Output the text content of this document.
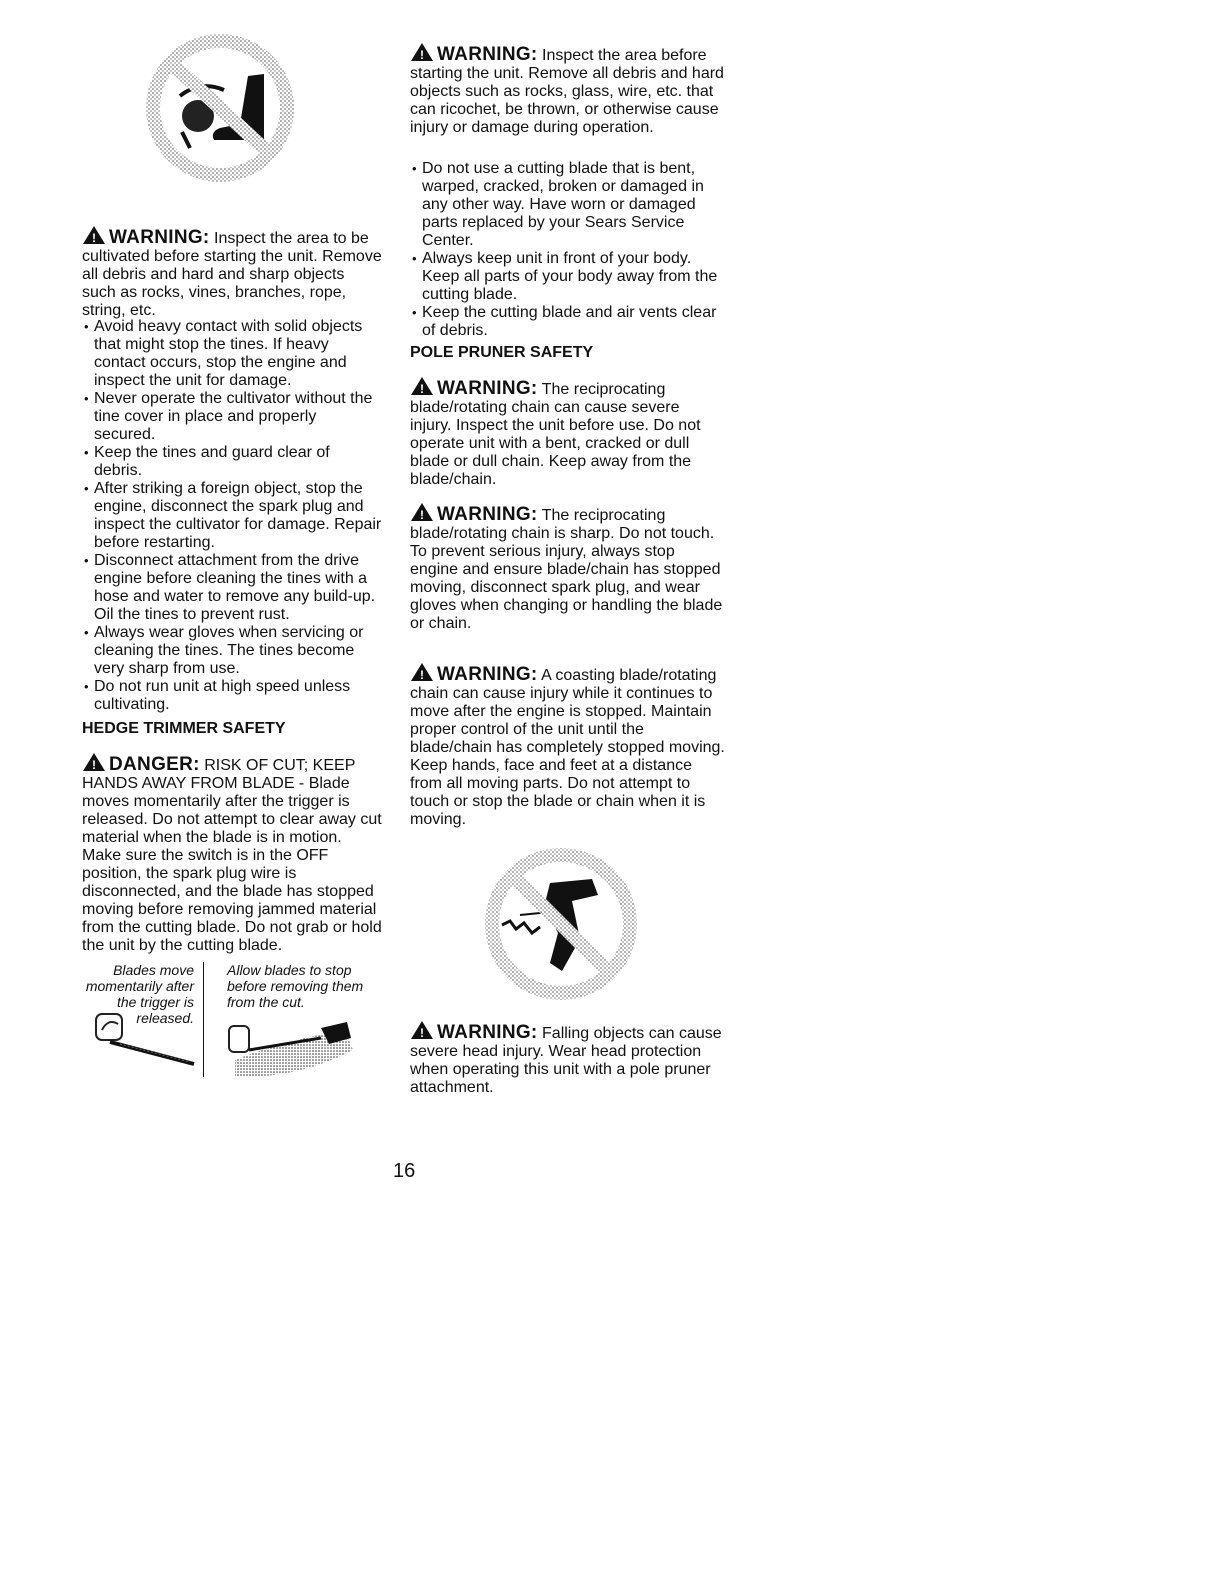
! WARNING: Inspect the area to be cultivated before starting the unit. Remove all debris and hard and sharp objects such as rocks, vines, branches, rope, string, etc.

• Avoid heavy contact with solid objects that might stop the tines. If heavy contact occurs, stop the engine and inspect the unit for damage.
• Never operate the cultivator without the tine cover in place and properly secured.
• Keep the tines and guard clear of debris.
• After striking a foreign object, stop the engine, disconnect the spark plug and inspect the cultivator for damage. Repair before restarting.
• Disconnect attachment from the drive engine before cleaning the tines with a hose and water to remove any build-up. Oil the tines to prevent rust.
• Always wear gloves when servicing or cleaning the tines. The tines become very sharp from use.
• Do not run unit at high speed unless cultivating.
HEDGE TRIMMER SAFETY

! DANGER: RISK OF CUT; KEEP HANDS AWAY FROM BLADE - Blade moves momentarily after the trigger is released. Do not attempt to clear away cut material when the blade is in motion. Make sure the switch is in the OFF position, the spark plug wire is disconnected, and the blade has stopped moving before removing jammed material from the cutting blade. Do not grab or hold the unit by the cutting blade.

Blades move momentarily after the trigger is released.
Allow blades to stop before removing them from the cut.

! WARNING: Inspect the area before starting the unit. Remove all debris and hard objects such as rocks, glass, wire, etc. that can ricochet, be thrown, or otherwise cause injury or damage during operation.

• Do not use a cutting blade that is bent, warped, cracked, broken or damaged in any other way. Have worn or damaged parts replaced by your Sears Service Center.
• Always keep unit in front of your body. Keep all parts of your body away from the cutting blade.
• Keep the cutting blade and air vents clear of debris.
POLE PRUNER SAFETY

! WARNING: The reciprocating blade/rotating chain can cause severe injury. Inspect the unit before use. Do not operate unit with a bent, cracked or dull blade or dull chain. Keep away from the blade/chain.

! WARNING: The reciprocating blade/rotating chain is sharp. Do not touch. To prevent serious injury, always stop engine and ensure blade/chain has stopped moving, disconnect spark plug, and wear gloves when changing or handling the blade or chain.

! WARNING: A coasting blade/rotating chain can cause injury while it continues to move after the engine is stopped. Maintain proper control of the unit until the blade/chain has completely stopped moving. Keep hands, face and feet at a distance from all moving parts. Do not attempt to touch or stop the blade or chain when it is moving.

! WARNING: Falling objects can cause severe head injury. Wear head protection when operating this unit with a pole pruner attachment.

16
